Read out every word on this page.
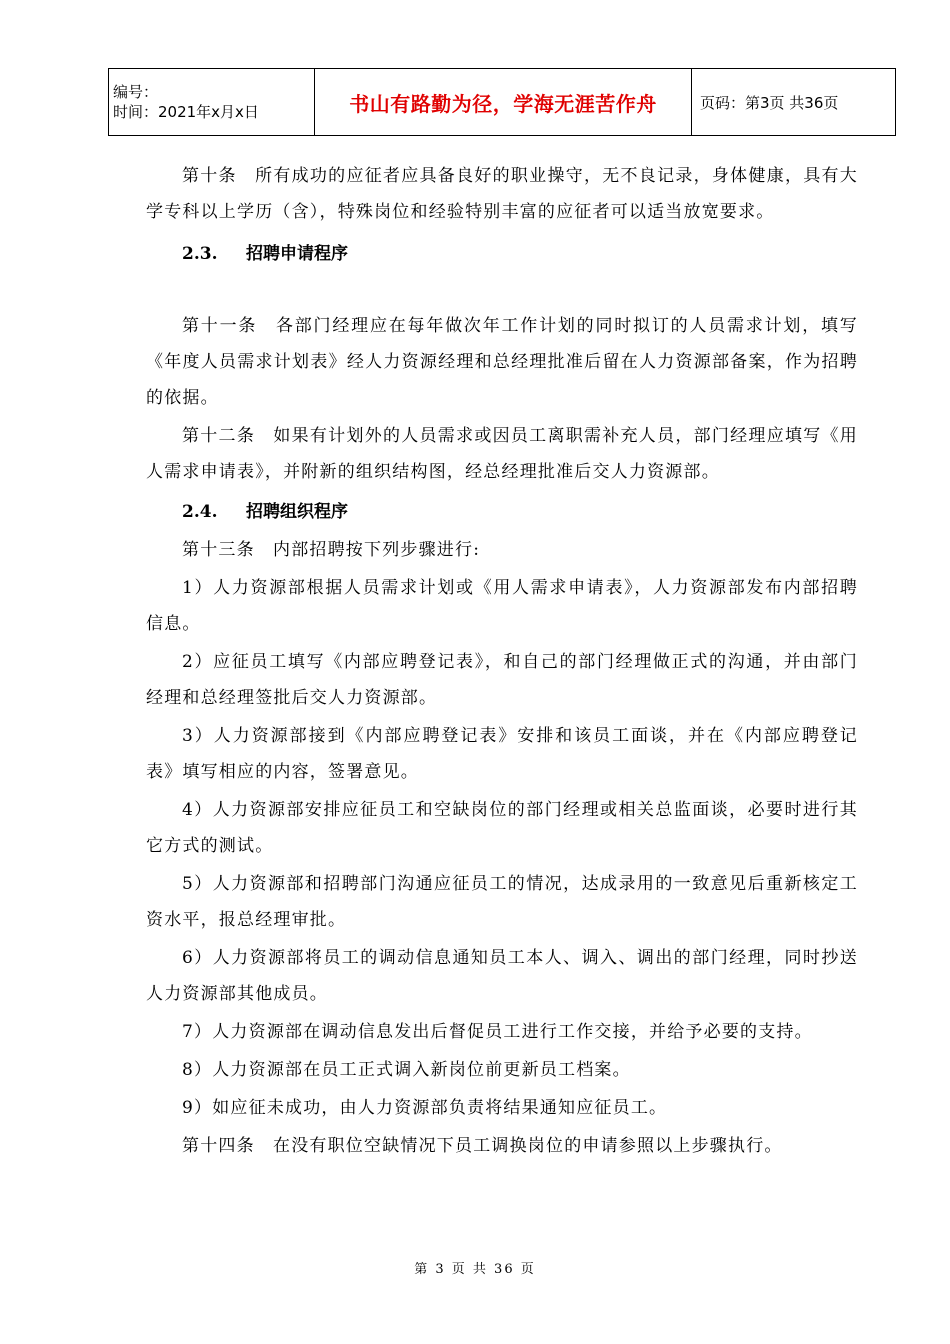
编号：
时间：2021年x月x日	书山有路勤为径，学海无涯苦作舟	页码：第3页 共36页

第十条　所有成功的应征者应具备良好的职业操守，无不良记录，身体健康，具有大学专科以上学历（含），特殊岗位和经验特别丰富的应征者可以适当放宽要求。

2.3. 招聘申请程序

第十一条　各部门经理应在每年做次年工作计划的同时拟订的人员需求计划，填写《年度人员需求计划表》经人力资源经理和总经理批准后留在人力资源部备案，作为招聘的依据。

第十二条　如果有计划外的人员需求或因员工离职需补充人员，部门经理应填写《用人需求申请表》，并附新的组织结构图，经总经理批准后交人力资源部。

2.4. 招聘组织程序

第十三条　内部招聘按下列步骤进行:

1）人力资源部根据人员需求计划或《用人需求申请表》，人力资源部发布内部招聘信息。

2）应征员工填写《内部应聘登记表》，和自己的部门经理做正式的沟通，并由部门经理和总经理签批后交人力资源部。

3）人力资源部接到《内部应聘登记表》安排和该员工面谈，并在《内部应聘登记表》填写相应的内容，签署意见。

4）人力资源部安排应征员工和空缺岗位的部门经理或相关总监面谈，必要时进行其它方式的测试。

5）人力资源部和招聘部门沟通应征员工的情况，达成录用的一致意见后重新核定工资水平，报总经理审批。

6）人力资源部将员工的调动信息通知员工本人、调入、调出的部门经理，同时抄送人力资源部其他成员。

7）人力资源部在调动信息发出后督促员工进行工作交接，并给予必要的支持。

8）人力资源部在员工正式调入新岗位前更新员工档案。

9）如应征未成功，由人力资源部负责将结果通知应征员工。

第十四条　在没有职位空缺情况下员工调换岗位的申请参照以上步骤执行。

第 3 页 共 36 页
